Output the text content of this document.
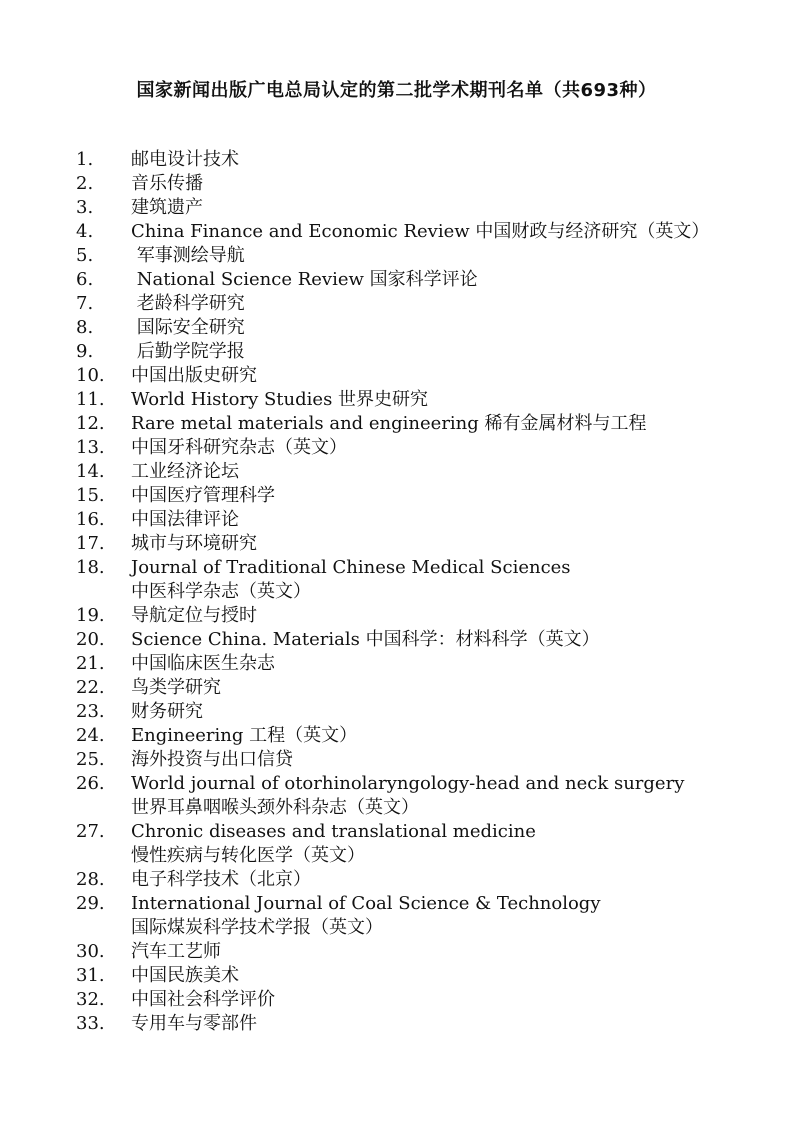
国家新闻出版广电总局认定的第二批学术期刊名单（共693种）
1.	邮电设计技术
2.	音乐传播
3.	建筑遗产
4.	China Finance and Economic Review 中国财政与经济研究（英文）
5.	军事测绘导航
6.	National Science Review 国家科学评论
7.	老龄科学研究
8.	国际安全研究
9.	后勤学院学报
10.	中国出版史研究
11.	World History Studies 世界史研究
12.	Rare metal materials and engineering 稀有金属材料与工程
13.	中国牙科研究杂志（英文）
14.	工业经济论坛
15.	中国医疗管理科学
16.	中国法律评论
17.	城市与环境研究
18.	Journal of Traditional Chinese Medical Sciences
中医科学杂志（英文）
19.	导航定位与授时
20.	Science China. Materials 中国科学：材料科学（英文）
21.	中国临床医生杂志
22.	鸟类学研究
23.	财务研究
24.	Engineering 工程（英文）
25.	海外投资与出口信贷
26.	World journal of otorhinolaryngology-head and neck surgery
世界耳鼻咽喉头颈外科杂志（英文）
27.	Chronic diseases and translational medicine
慢性疾病与转化医学（英文）
28.	电子科学技术（北京）
29.	International Journal of Coal Science & Technology
国际煤炭科学技术学报（英文）
30.	汽车工艺师
31.	中国民族美术
32.	中国社会科学评价
33.	专用车与零部件
